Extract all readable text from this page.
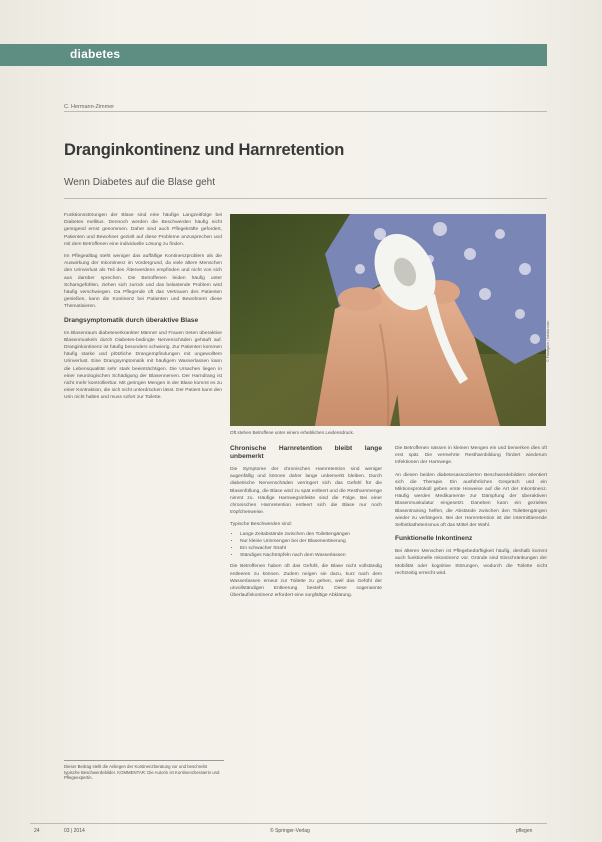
diabetes
C. Hermann-Zimmer
Dranginkontinenz und Harnretention
Wenn Diabetes auf die Blase geht

Funktionsstörungen der Blase sind eine häufige Langzeitfolge bei Diabetes mellitus. Dennoch werden die Beschwerden häufig nicht genügend ernst genommen. Daher sind auch Pflegekräfte gefordert, Patienten und Bewohner gezielt auf diese Probleme anzusprechen und mit dem Betroffenen eine individuelle Lösung zu finden.

Im Pflegealltag steht weniger das auffällige Kontinenzproblem als die Auswirkung der Inkontinenz im Vordergrund, da viele ältere Menschen den Urinverlust als Teil des Älterwerdens empfinden und nicht von sich aus darüber sprechen. Die Betroffenen leiden häufig unter Schamgefühlen, ziehen sich zurück und das belastende Problem wird häufig verschwiegen. Da Pflegende oft das Vertrauen des Patienten genießen, kann die Kontinenz bei Patienten und Bewohnern diese Thematisieren.

Drangsymptomatik durch überaktive Blase

Im Blasenraum diabeteserkrankter Männer und Frauen treten überaktive Blasenmuskeln durch Diabetes-bedingte Nervenschäden gehäuft auf. Dranginkontinenz ist häufig besonders schwierig. Zur Patienten kommen häufig starke und plötzliche Drangempfindungen mit ungewolltem Urinverlust. Eine Drangsymptomatik mit häufigem Wasserlassen kann die Lebensqualität sehr stark beeinträchtigen. Die Ursachen liegen in einer neurologischen Schädigung der Blasennerven. Der Harndrang ist nicht mehr kontrollierbar. Mit geringen Mengen in der Blase kommt es zu einer Kontraktion, die sich nicht unterdrücken lässt. Der Patient kann den Urin nicht halten und muss sofort zur Toilette.

Oft stehen Betroffene unter einem erheblichen Leidensdruck.
© Flashpics / fotolia.com
Chronische Harnretention bleibt lange unbemerkt

Die Symptome der chronischen Harnretention sind weniger augenfällig und können daher lange unbemerkt bleiben. Durch diabetische Nervenschäden verringert sich das Gefühl für die Blasenfüllung, die Blase wird zu spät entleert und die Restharnmenge nimmt zu. Häufige Harnwegsinfekte sind die Folge. Bei einer chronischen Harnretention entleert sich die Blase nur noch tröpfchenweise.

Typische Beschwerden sind:

• Lange Zeitabstände zwischen den Toilettengängen
• Nur kleine Urinmengen bei der Blasenentleerung
• Ein schwacher Strahl
• Ständiges Nachtröpfeln nach dem Wasserlassen

Die Betroffenen haben oft das Gefühl, die Blase nicht vollständig entleeren zu können. Zudem neigen sie dazu, kurz nach dem Wasserlassen erneut zur Toilette zu gehen, weil das Gefühl der unvollständigen Entleerung besteht. Diese sogenannte Überlaufinkontinenz erfordert eine sorgfältige Abklärung.

Die Betroffenen nässen in kleinen Mengen ein und bemerken dies oft erst spät. Die vermehrte Restharnbildung fördert wiederum Infektionen der Harnwege.

An diesen beiden diabetesassoziierten Beschwerdebildern orientiert sich die Therapie. Ein ausführliches Gespräch und ein Miktionsprotokoll geben erste Hinweise auf die Art der Inkontinenz. Häufig werden Medikamente zur Dämpfung der überaktiven Blasenmuskulatur eingesetzt. Daneben kann ein gezieltes Blasentraining helfen, die Abstände zwischen den Toilettengängen wieder zu verlängern. Bei der Harnretention ist der intermittierende Selbstkatheterismus oft das Mittel der Wahl.

Funktionelle Inkontinenz

Bei älteren Menschen ist Pflegebedürftigkeit häufig, deshalb kommt auch funktionelle Inkontinenz vor. Gründe sind Einschränkungen der Mobilität oder kognitive Störungen, wodurch die Toilette nicht rechtzeitig erreicht wird.

Dieser Beitrag stellt die Anliegen der Kontinenzberatung vor und beschreibt typische Beschwerdebilder. KOMMENTAR: Die Autorin ist Kontinenzberaterin und Pflegeexpertin.
24	03 | 2014	© Springer-Verlag	pflegen
